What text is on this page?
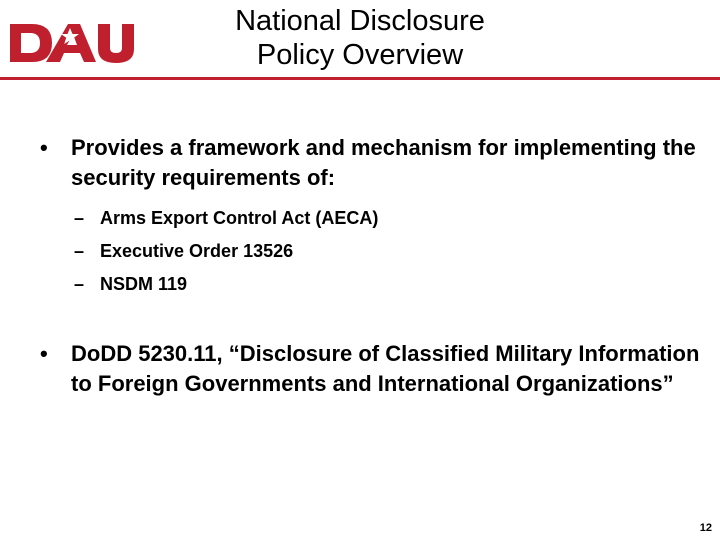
National Disclosure
Policy Overview
•	Provides a framework and mechanism for implementing the security requirements of:
– Arms Export Control Act (AECA)
– Executive Order 13526
– NSDM 119
•	DoDD 5230.11, “Disclosure of Classified Military Information to Foreign Governments and International Organizations”
12
